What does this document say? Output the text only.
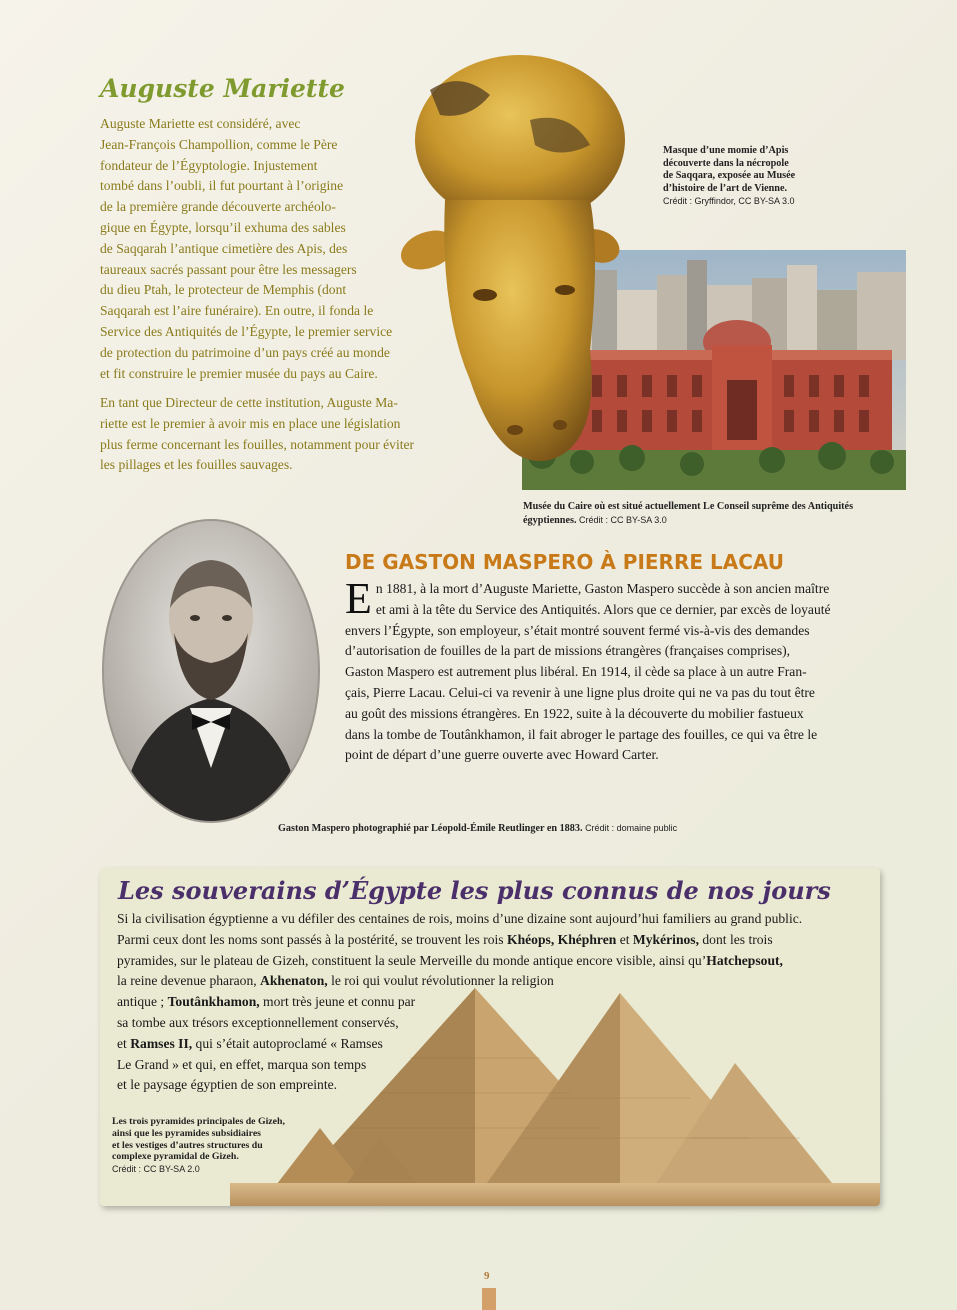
Auguste Mariette

Auguste Mariette est considéré, avec

Jean-François Champollion, comme le Père

fondateur de l’Égyptologie. Injustement

tombé dans l’oubli, il fut pourtant à l’origine

de la première grande découverte archéolo-

gique en Égypte, lorsqu’il exhuma des sables

de Saqqarah l’antique cimetière des Apis, des

taureaux sacrés passant pour être les messagers

du dieu Ptah, le protecteur de Memphis (dont

Saqqarah est l’aire funéraire). En outre, il fonda le

Service des Antiquités de l’Égypte, le premier service

de protection du patrimoine d’un pays créé au monde

et fit construire le premier musée du pays au Caire.

En tant que Directeur de cette institution, Auguste Ma-

riette est le premier à avoir mis en place une législation

plus ferme concernant les fouilles, notamment pour éviter

les pillages et les fouilles sauvages.

Masque d’une momie d’Apis

découverte dans la nécropole

de Saqqara, exposée au Musée

d’histoire de l’art de Vienne.

Crédit : Gryffindor, CC BY-SA 3.0

Musée du Caire où est situé actuellement Le Conseil suprême des Antiquités

égyptiennes. Crédit : CC BY-SA 3.0

DE GASTON MASPERO À PIERRE LACAU
E n 1881, à la mort d’Auguste Mariette, Gaston Maspero succède à son ancien maître

et ami à la tête du Service des Antiquités. Alors que ce dernier, par excès de loyauté

envers l’Égypte, son employeur, s’était montré souvent fermé vis-à-vis des demandes

d’autorisation de fouilles de la part de missions étrangères (françaises comprises),

Gaston Maspero est autrement plus libéral. En 1914, il cède sa place à un autre Fran-

çais, Pierre Lacau. Celui-ci va revenir à une ligne plus droite qui ne va pas du tout être

au goût des missions étrangères. En 1922, suite à la découverte du mobilier fastueux

dans la tombe de Toutânkhamon, il fait abroger le partage des fouilles, ce qui va être le

point de départ d’une guerre ouverte avec Howard Carter.

Gaston Maspero photographié par Léopold-Émile Reutlinger en 1883. Crédit : domaine public

Les souverains d’Égypte les plus connus de nos jours

Si la civilisation égyptienne a vu défiler des centaines de rois, moins d’une dizaine sont aujourd’hui familiers au grand public.

Parmi ceux dont les noms sont passés à la postérité, se trouvent les rois Khéops, Khéphren et Mykérinos, dont les trois

pyramides, sur le plateau de Gizeh, constituent la seule Merveille du monde antique encore visible, ainsi qu’Hatchepsout,

la reine devenue pharaon, Akhenaton, le roi qui voulut révolutionner la religion

antique ; Toutânkhamon, mort très jeune et connu par

sa tombe aux trésors exceptionnellement conservés,

et Ramses II, qui s’était autoproclamé « Ramses

Le Grand » et qui, en effet, marqua son temps

et le paysage égyptien de son empreinte.

Les trois pyramides principales de Gizeh,

ainsi que les pyramides subsidiaires

et les vestiges d’autres structures du

complexe pyramidal de Gizeh.

Crédit : CC BY-SA 2.0

9
